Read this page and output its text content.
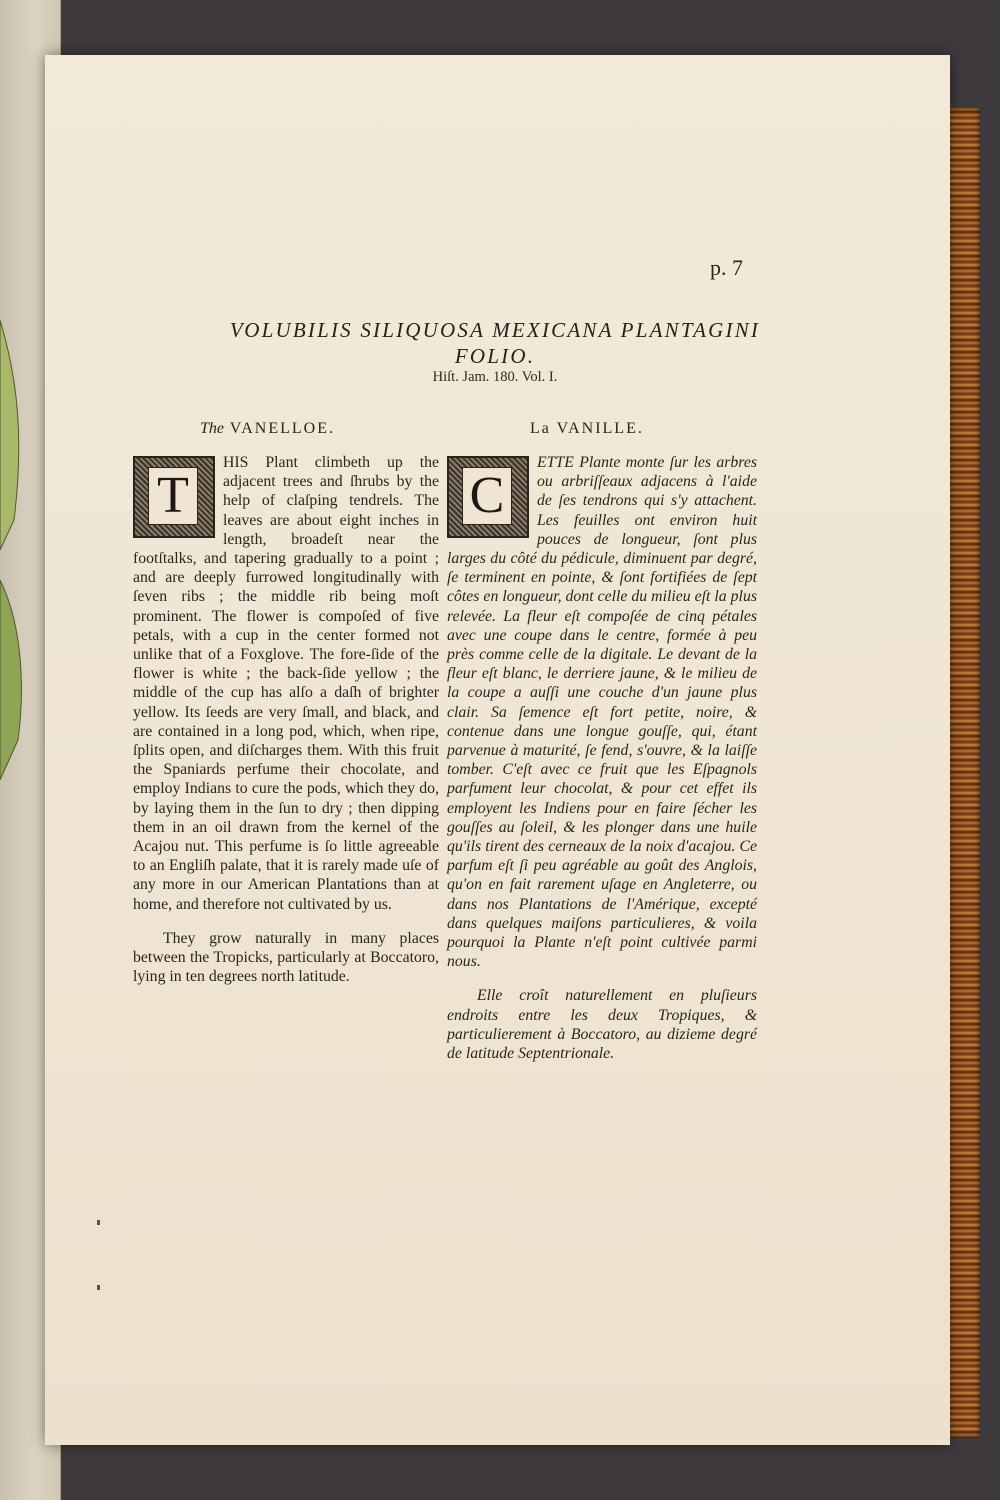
p. 7
VOLUBILIS SILIQUOSA MEXICANA PLANTAGINI
FOLIO.
Hiſt. Jam. 180. Vol. I.
The VANELLOE.	La VANILLE.
T

HIS Plant climbeth up the adjacent trees and ſhrubs by the help of claſping tendrels. The leaves are about eight inches in length, broadeſt near the footſtalks, and tapering gradually to a point ; and are deeply furrowed longitudinally with ſeven ribs ; the middle rib being moſt prominent. The flower is compoſed of five petals, with a cup in the center formed not unlike that of a Foxglove. The fore-ſide of the flower is white ; the back-ſide yellow ; the middle of the cup has alſo a daſh of brighter yellow. Its ſeeds are very ſmall, and black, and are contained in a long pod, which, when ripe, ſplits open, and diſcharges them. With this fruit the Spaniards perfume their chocolate, and employ Indians to cure the pods, which they do, by laying them in the ſun to dry ; then dipping them in an oil drawn from the kernel of the Acajou nut. This perfume is ſo little agreeable to an Engliſh palate, that it is rarely made uſe of any more in our American Plantations than at home, and therefore not cultivated by us.

They grow naturally in many places between the Tropicks, particularly at Boccatoro, lying in ten degrees north latitude.

C

ETTE Plante monte ſur les arbres ou arbriſſeaux adjacens à l'aide de ſes tendrons qui s'y attachent. Les feuilles ont environ huit pouces de longueur, ſont plus larges du côté du pédicule, diminuent par degré, ſe terminent en pointe, & ſont fortifiées de ſept côtes en longueur, dont celle du milieu eſt la plus relevée. La fleur eſt compoſée de cinq pétales avec une coupe dans le centre, formée à peu près comme celle de la digitale. Le devant de la fleur eſt blanc, le derriere jaune, & le milieu de la coupe a auſſi une couche d'un jaune plus clair. Sa ſemence eſt fort petite, noire, & contenue dans une longue gouſſe, qui, étant parvenue à maturité, ſe fend, s'ouvre, & la laiſſe tomber. C'eſt avec ce fruit que les Eſpagnols parfument leur chocolat, & pour cet effet ils employent les Indiens pour en faire ſécher les gouſſes au ſoleil, & les plonger dans une huile qu'ils tirent des cerneaux de la noix d'acajou. Ce parfum eſt ſi peu agréable au goût des Anglois, qu'on en fait rarement uſage en Angleterre, ou dans nos Plantations de l'Amérique, excepté dans quelques maiſons particulieres, & voila pourquoi la Plante n'eſt point cultivée parmi nous.

Elle croît naturellement en pluſieurs endroits entre les deux Tropiques, & particulierement à Boccatoro, au dizieme degré de latitude Septentrionale.
